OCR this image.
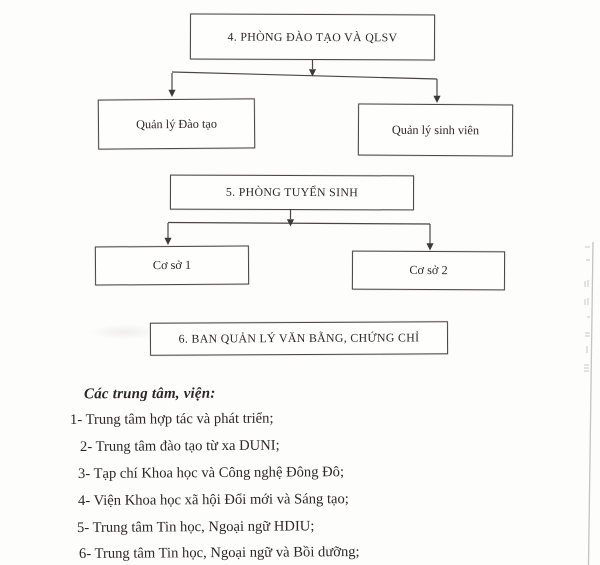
4. PHÒNG ĐÀO TẠO VÀ QLSV
Quản lý Đào tạo	Quản lý sinh viên
5. PHÒNG TUYỂN SINH
Cơ sở 1	Cơ sở 2
6. BAN QUẢN LÝ VĂN BẰNG, CHỨNG CHỈ
Các trung tâm, viện:
1- Trung tâm hợp tác và phát triển;
2- Trung tâm đào tạo từ xa DUNI;
3- Tạp chí Khoa học và Công nghệ Đông Đô;
4- Viện Khoa học xã hội Đổi mới và Sáng tạo;
5- Trung tâm Tin học, Ngoại ngữ HDIU;
6- Trung tâm Tin học, Ngoại ngữ và Bồi dưỡng;
